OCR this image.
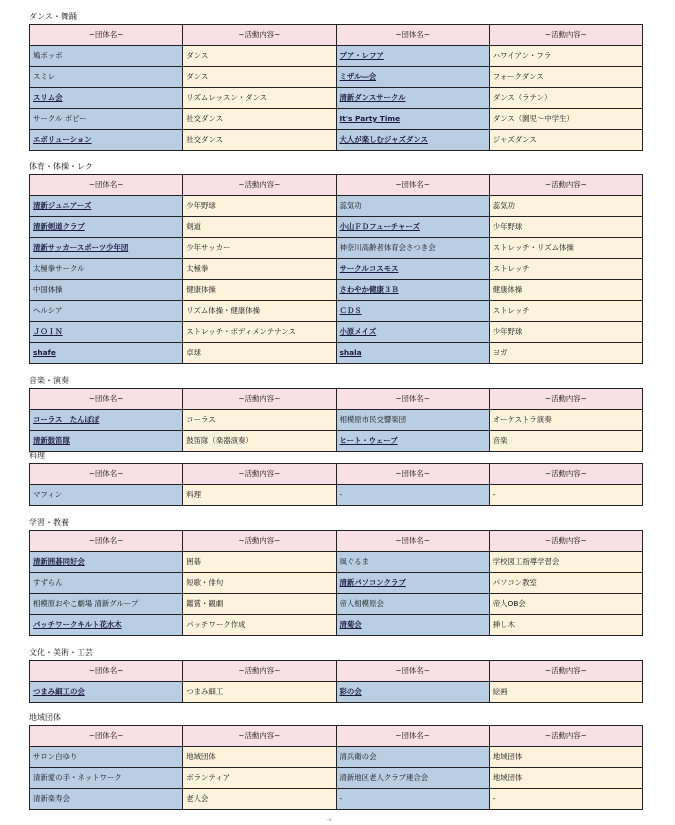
ダンス・舞踊
~団体名~	~活動内容~	~団体名~	~活動内容~
鳩ポッポ	ダンス	プア・レフア	ハワイアン・フラ
スミレ	ダンス	ミザル―会	フォークダンス
スリム会	リズムレッスン・ダンス	清新ダンスサークル	ダンス（ラテン）
サークル ポピー	社交ダンス	It's Party Time	ダンス（園児～中学生）
エボリューション	社交ダンス	大人が楽しむジャズダンス	ジャズダンス
体育・体操・レク
~団体名~	~活動内容~	~団体名~	~活動内容~
清新ジュニアーズ	少年野球	蕊気功	蕊気功
清新剣道クラブ	剣道	小山ＦＤフューチャーズ	少年野球
清新サッカースポーツ少年団	少年サッカー	神奈川高齢者体育会さつき会	ストレッチ・リズム体操
太極拳サークル	太極拳	サークルコスモス	ストレッチ
中国体操	健康体操	さわやか健康３Ｂ	健康体操
ヘルシア	リズム体操・健康体操	ＣＤＳ	ストレッチ
ＪＯＩＮ	ストレッチ・ボディメンテナンス	小原メイズ	少年野球
shafe	卓球	shala	ヨガ
音楽・演奏
~団体名~	~活動内容~	~団体名~	~活動内容~
コーラス　たんぽぽ	コーラス	相模原市民交響楽団	オーケストラ演奏
清新鼓笛隊	鼓笛隊（楽器演奏）	ヒート・ウェーブ	音楽
料理
~団体名~	~活動内容~	~団体名~	~活動内容~
マフィン	料理	-	-
学習・教養
~団体名~	~活動内容~	~団体名~	~活動内容~
清新囲碁同好会	囲碁	風ぐるま	学校図工指導学習会
すずらん	短歌・俳句	清新パソコンクラブ	パソコン教室
相模原おやこ劇場 清新グループ	鑑賞・観劇	帝人相模原会	帝人OB会
パッチワークキルト花水木	パッチワーク作成	清菊会	挿し木
文化・美術・工芸
~団体名~	~活動内容~	~団体名~	~活動内容~
つまみ細工の会	つまみ細工	彩の会	絵画
地域団体
~団体名~	~活動内容~	~団体名~	~活動内容~
サロン白ゆり	地域団体	清兵衛の会	地域団体
清新愛の手・ネットワーク	ボランティア	清新地区老人クラブ連合会	地域団体
清新楽寿会	老人会	-	-
⁻⁶
